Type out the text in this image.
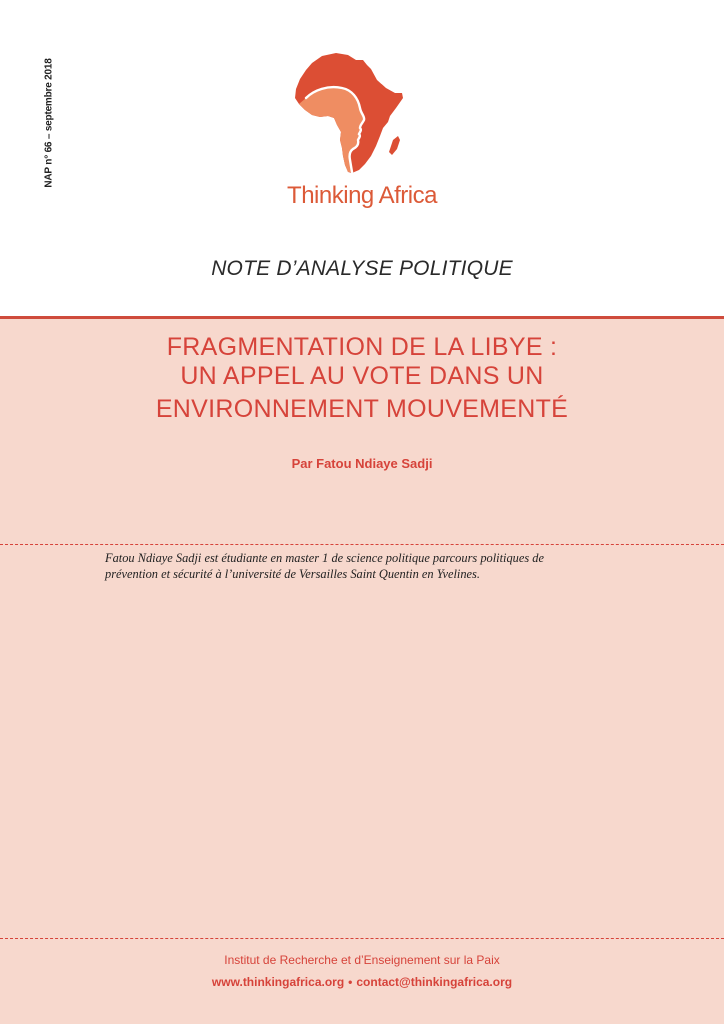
NAP n° 66 – septembre 2018
Thinking Africa
NOTE D’ANALYSE POLITIQUE
FRAGMENTATION DE LA LIBYE :
UN APPEL AU VOTE DANS UN
ENVIRONNEMENT MOUVEMENTÉ
Par Fatou Ndiaye Sadji
Fatou Ndiaye Sadji est étudiante en master 1 de science politique parcours politiques de
prévention et sécurité à l’université de Versailles Saint Quentin en Yvelines.
Institut de Recherche et d’Enseignement sur la Paix
www.thinkingafrica.org • contact@thinkingafrica.org
